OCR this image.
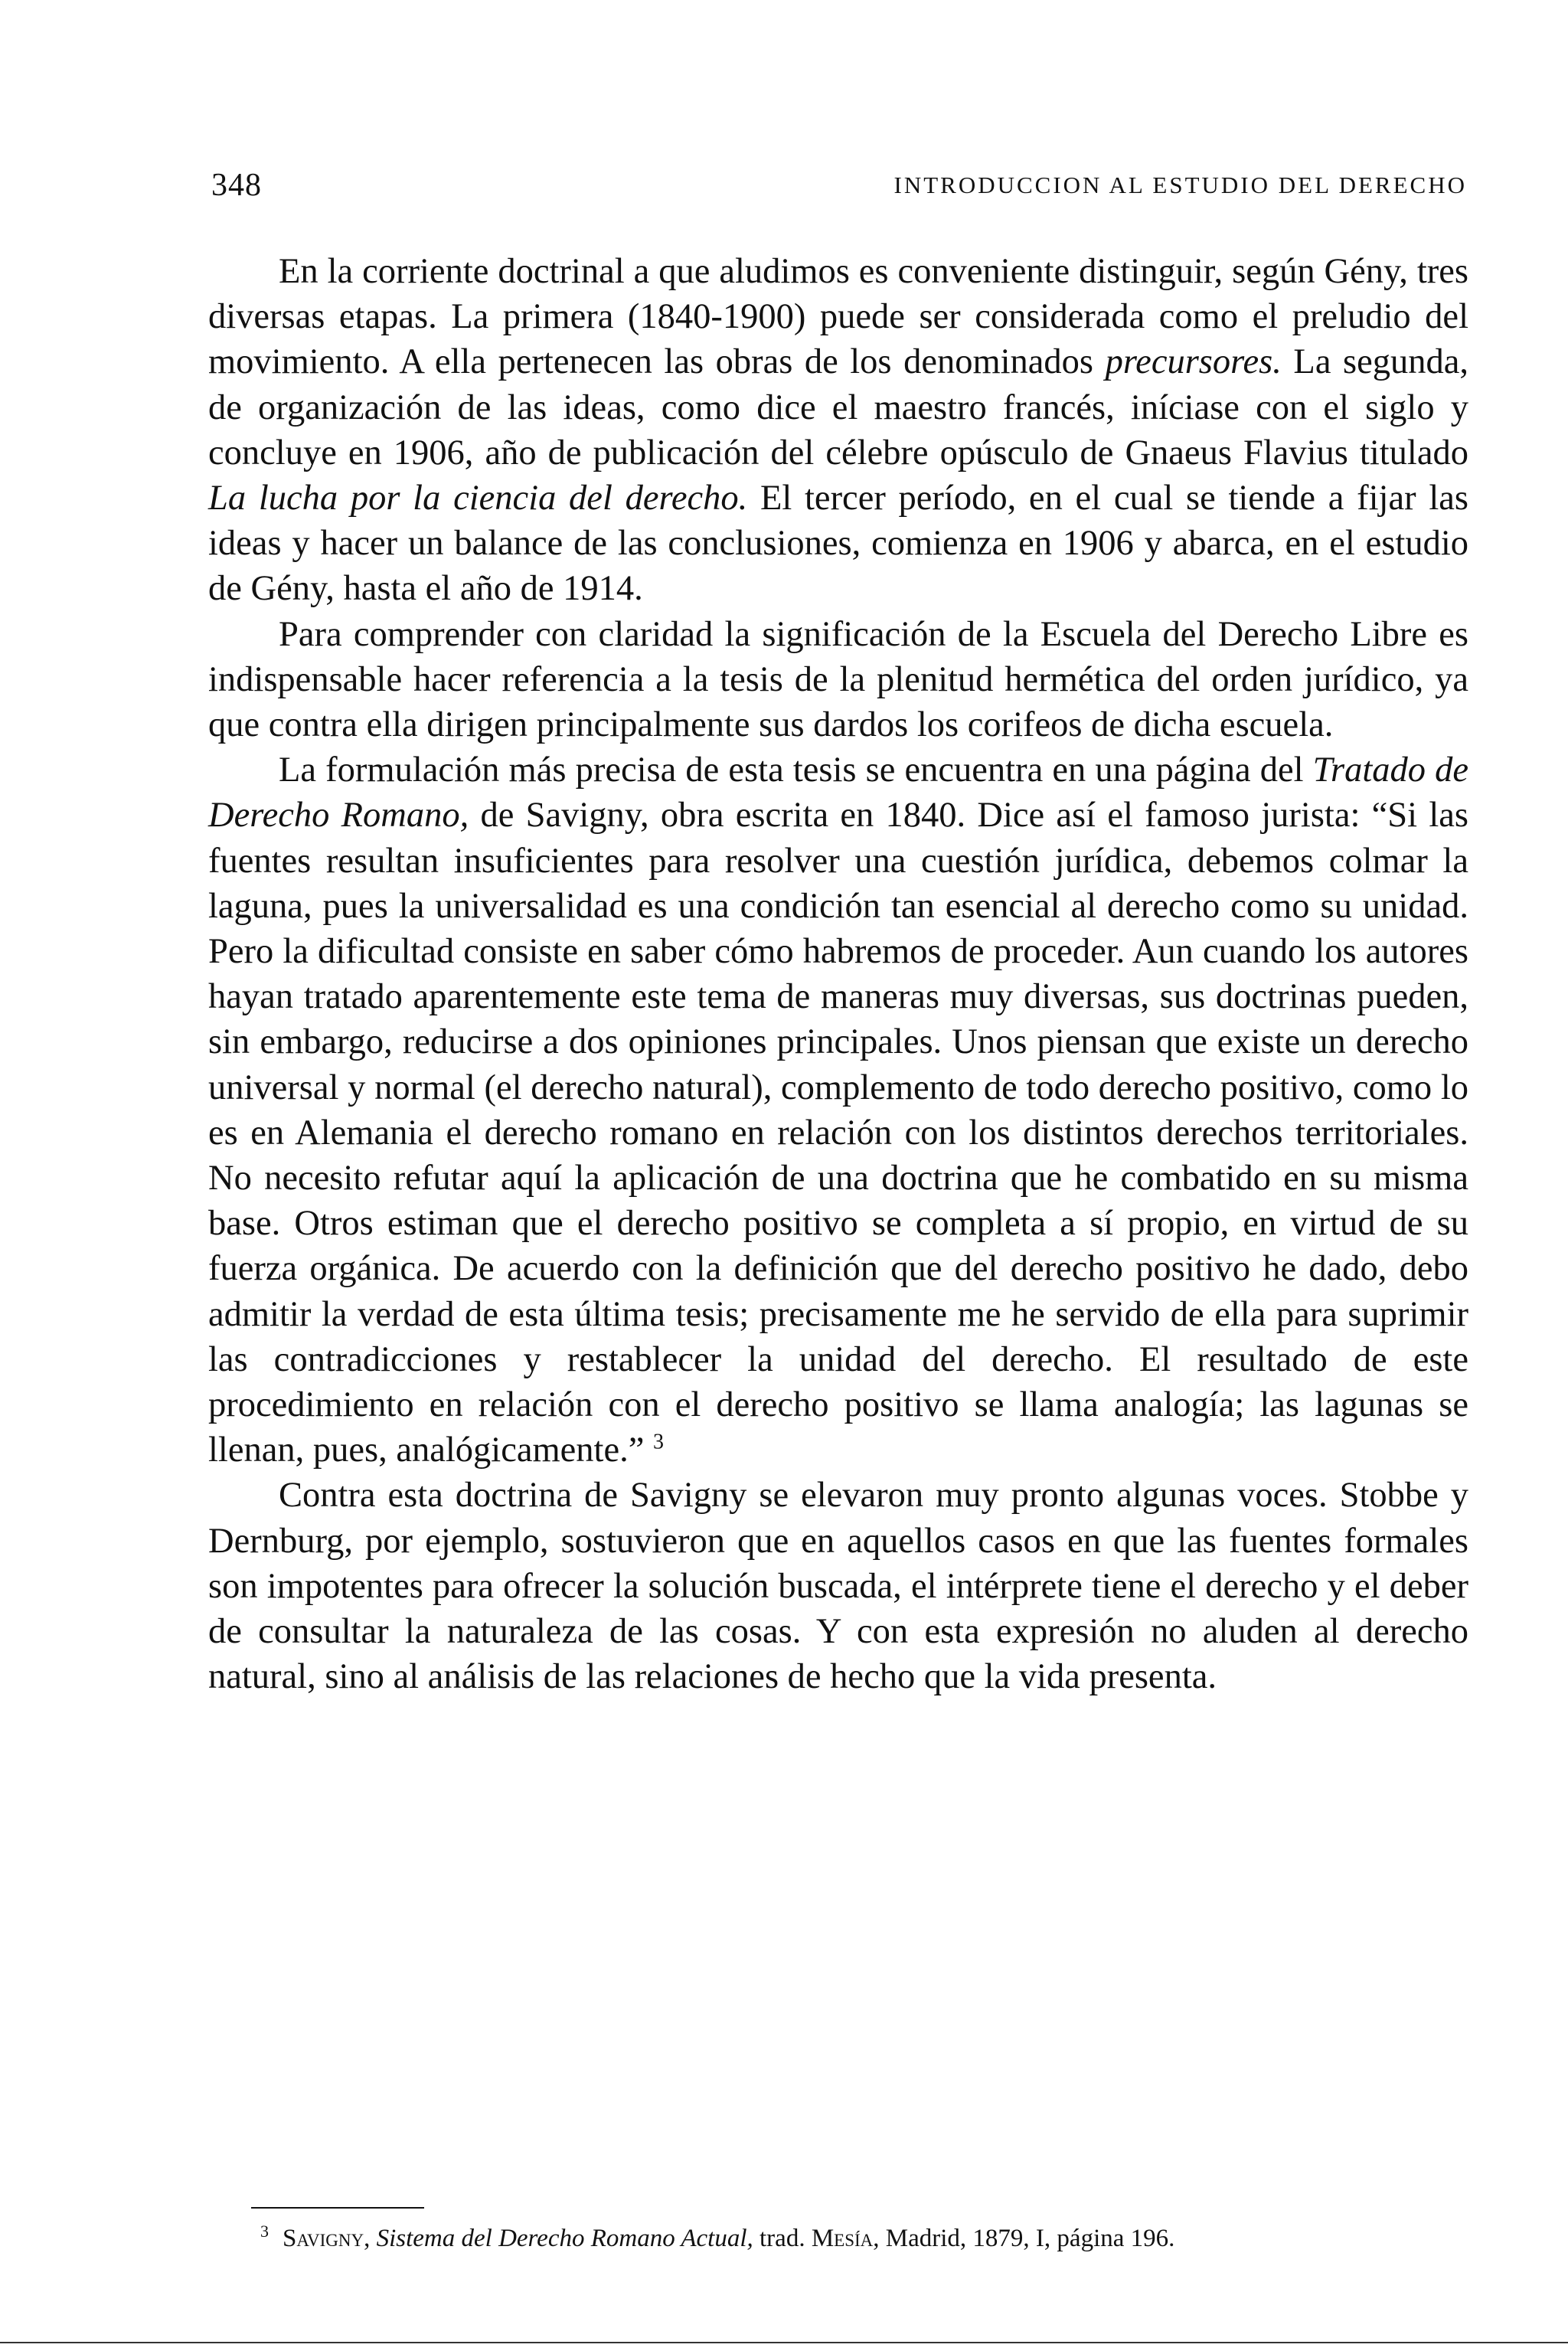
348	INTRODUCCION AL ESTUDIO DEL DERECHO

En la corriente doctrinal a que aludimos es conveniente distinguir, según Gény, tres diversas etapas. La primera (1840-1900) puede ser considerada como el preludio del movimiento. A ella pertenecen las obras de los denominados precursores. La segunda, de organización de las ideas, como dice el maestro francés, iníciase con el siglo y concluye en 1906, año de publicación del célebre opúsculo de Gnaeus Flavius titulado La lucha por la ciencia del derecho. El tercer período, en el cual se tiende a fijar las ideas y hacer un balance de las conclusiones, comienza en 1906 y abarca, en el estudio de Gény, hasta el año de 1914.

Para comprender con claridad la significación de la Escuela del Derecho Libre es indispensable hacer referencia a la tesis de la plenitud hermética del orden jurídico, ya que contra ella dirigen principalmente sus dardos los corifeos de dicha escuela.

La formulación más precisa de esta tesis se encuentra en una página del Tratado de Derecho Romano, de Savigny, obra escrita en 1840. Dice así el famoso jurista: “Si las fuentes resultan insuficientes para resolver una cuestión jurídica, debemos colmar la laguna, pues la universalidad es una condición tan esencial al derecho como su unidad. Pero la dificultad consiste en saber cómo habremos de proceder. Aun cuando los autores hayan tratado aparentemente este tema de maneras muy diversas, sus doctrinas pueden, sin embargo, reducirse a dos opiniones principales. Unos piensan que existe un derecho universal y normal (el derecho natural), complemento de todo derecho positivo, como lo es en Alemania el derecho romano en relación con los distintos derechos territoriales. No necesito refutar aquí la aplicación de una doctrina que he combatido en su misma base. Otros estiman que el derecho positivo se completa a sí propio, en virtud de su fuerza orgánica. De acuerdo con la definición que del derecho positivo he dado, debo admitir la verdad de esta última tesis; precisamente me he servido de ella para suprimir las contradicciones y restablecer la unidad del derecho. El resultado de este procedimiento en relación con el derecho positivo se llama analogía; las lagunas se llenan, pues, analógicamente.” $^3$

Contra esta doctrina de Savigny se elevaron muy pronto algunas voces. Stobbe y Dernburg, por ejemplo, sostuvieron que en aquellos casos en que las fuentes formales son impotentes para ofrecer la solución buscada, el intérprete tiene el derecho y el deber de consultar la naturaleza de las cosas. Y con esta expresión no aluden al derecho natural, sino al análisis de las relaciones de hecho que la vida presenta.

3 Savigny, Sistema del Derecho Romano Actual, trad. Mesía, Madrid, 1879, I, página 196.
